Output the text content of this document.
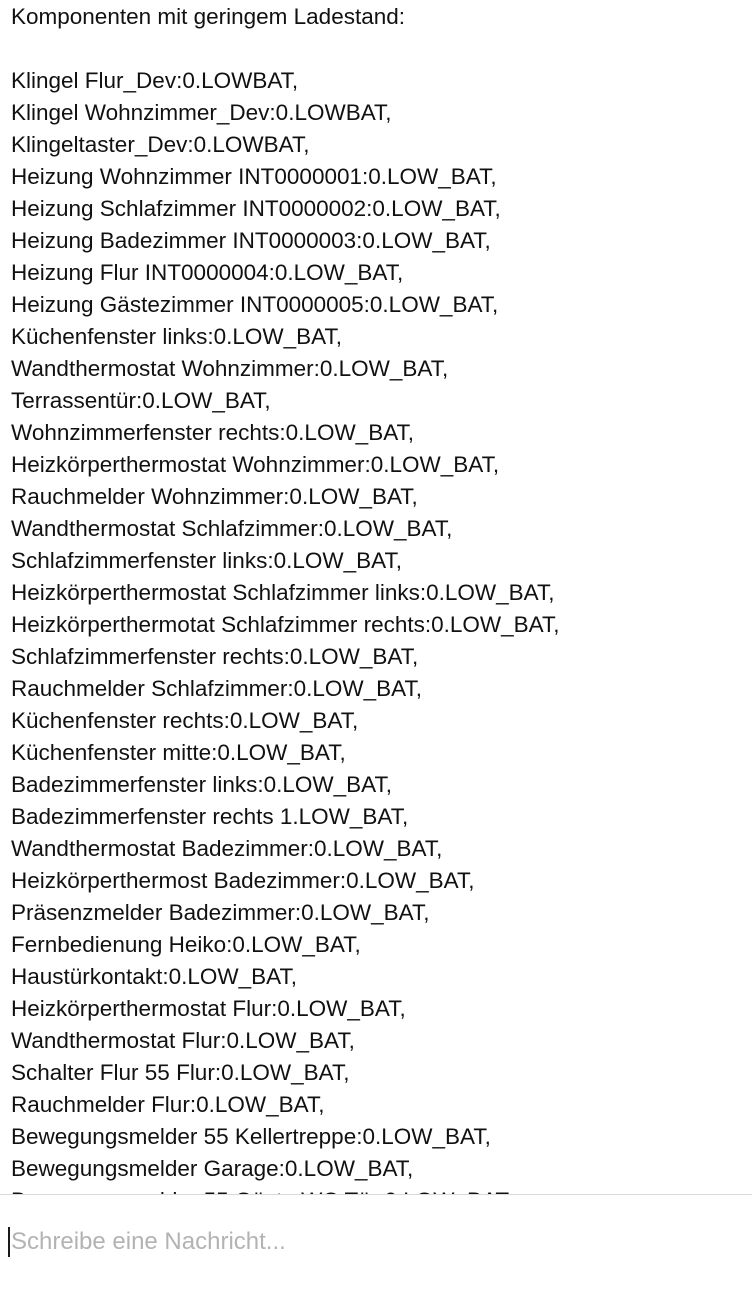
Komponenten mit geringem Ladestand:
Klingel Flur_Dev:0.LOWBAT,
Klingel Wohnzimmer_Dev:0.LOWBAT,
Klingeltaster_Dev:0.LOWBAT,
Heizung Wohnzimmer INT0000001:0.LOW_BAT,
Heizung Schlafzimmer INT0000002:0.LOW_BAT,
Heizung Badezimmer INT0000003:0.LOW_BAT,
Heizung Flur INT0000004:0.LOW_BAT,
Heizung Gästezimmer INT0000005:0.LOW_BAT,
Küchenfenster links:0.LOW_BAT,
Wandthermostat Wohnzimmer:0.LOW_BAT,
Terrassentür:0.LOW_BAT,
Wohnzimmerfenster rechts:0.LOW_BAT,
Heizkörperthermostat Wohnzimmer:0.LOW_BAT,
Rauchmelder Wohnzimmer:0.LOW_BAT,
Wandthermostat Schlafzimmer:0.LOW_BAT,
Schlafzimmerfenster links:0.LOW_BAT,
Heizkörperthermostat Schlafzimmer links:0.LOW_BAT,
Heizkörperthermotat Schlafzimmer rechts:0.LOW_BAT,
Schlafzimmerfenster rechts:0.LOW_BAT,
Rauchmelder Schlafzimmer:0.LOW_BAT,
Küchenfenster rechts:0.LOW_BAT,
Küchenfenster mitte:0.LOW_BAT,
Badezimmerfenster links:0.LOW_BAT,
Badezimmerfenster rechts 1.LOW_BAT,
Wandthermostat Badezimmer:0.LOW_BAT,
Heizkörperthermost Badezimmer:0.LOW_BAT,
Präsenzmelder Badezimmer:0.LOW_BAT,
Fernbedienung Heiko:0.LOW_BAT,
Haustürkontakt:0.LOW_BAT,
Heizkörperthermostat Flur:0.LOW_BAT,
Wandthermostat Flur:0.LOW_BAT,
Schalter Flur 55 Flur:0.LOW_BAT,
Rauchmelder Flur:0.LOW_BAT,
Bewegungsmelder 55 Kellertreppe:0.LOW_BAT,
Bewegungsmelder Garage:0.LOW_BAT,
Schreibe eine Nachricht...
